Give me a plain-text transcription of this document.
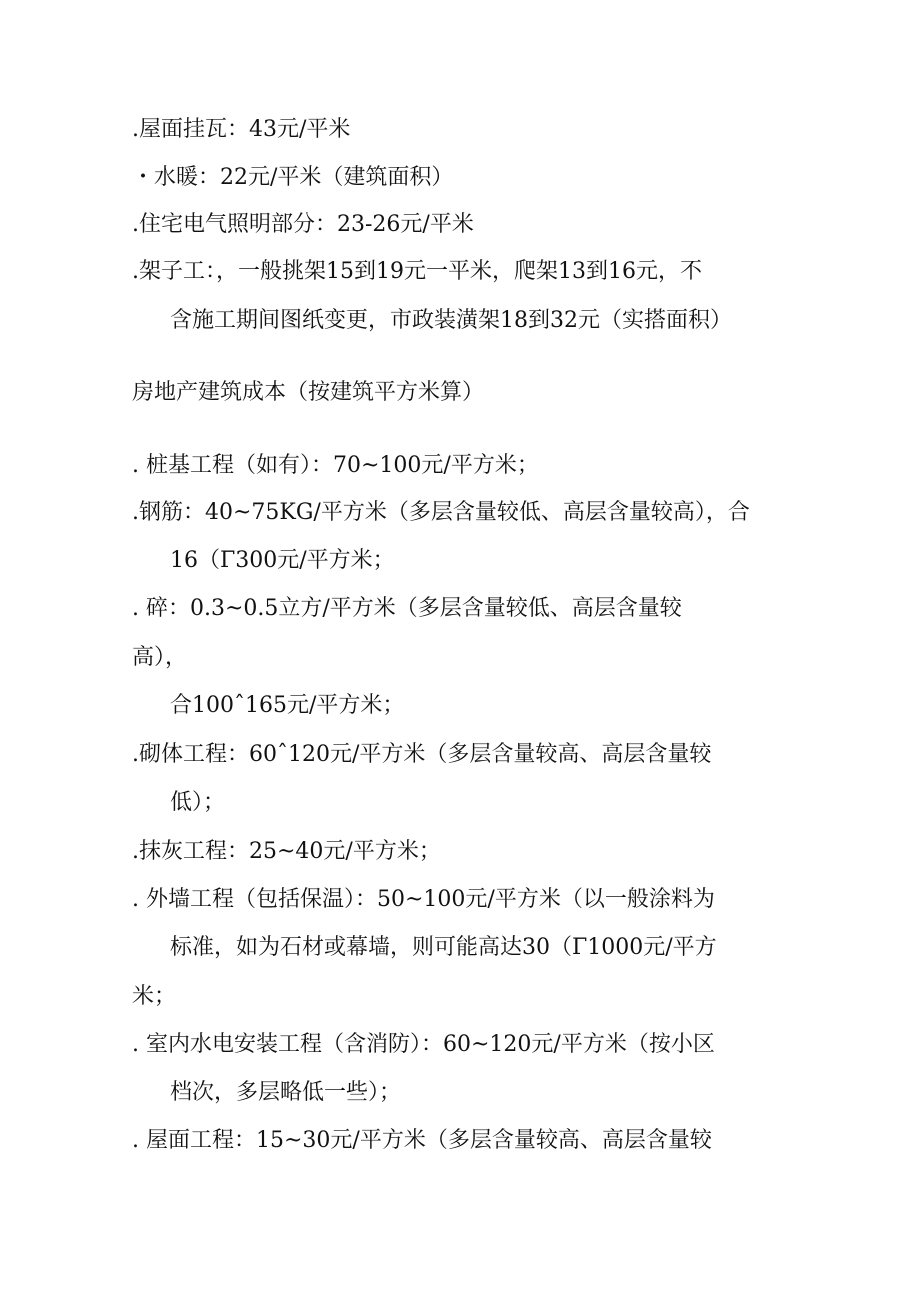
.屋面挂瓦：43元/平米
・水暖：22元/平米（建筑面积）
.住宅电气照明部分：23-26元/平米
.架子工：，一般挑架15到19元一平米，爬架13到16元，不
含施工期间图纸变更，市政装潢架18到32元（实搭面积）
房地产建筑成本（按建筑平方米算）
. 桩基工程（如有）：70~100元/平方米；
.钢筋：40~75KG/平方米（多层含量较低、高层含量较高），合
16（Γ300元/平方米；
. 碎：0.3~0.5立方/平方米（多层含量较低、高层含量较
高），
合100ˆ165元/平方米；
.砌体工程：60ˆ120元/平方米（多层含量较高、高层含量较
低）；
.抹灰工程：25~40元/平方米；
. 外墙工程（包括保温）：50~100元/平方米（以一般涂料为
标准，如为石材或幕墙，则可能高达30（Γ1000元/平方
米；
. 室内水电安装工程（含消防）：60~120元/平方米（按小区
档次，多层略低一些）；
. 屋面工程：15~30元/平方米（多层含量较高、高层含量较
